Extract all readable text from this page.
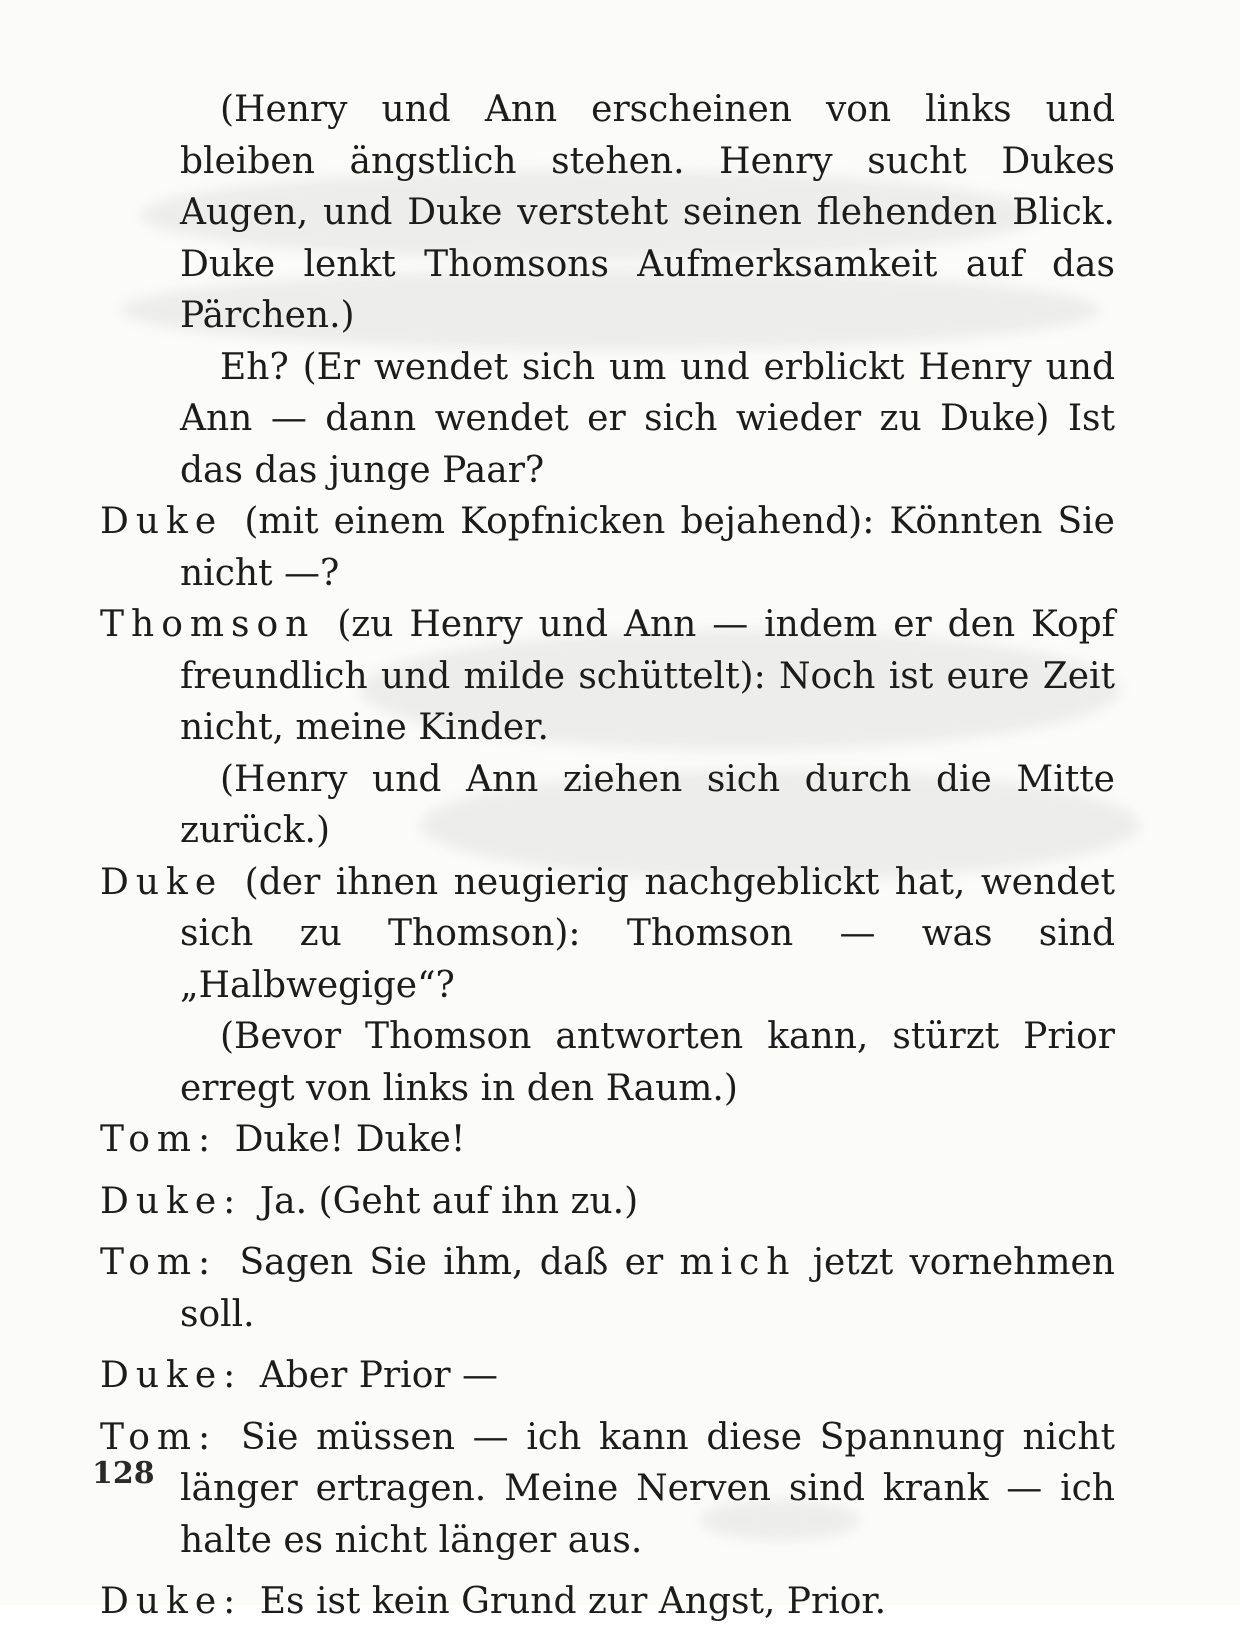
(Henry und Ann erscheinen von links und bleiben ängstlich stehen. Henry sucht Dukes Augen, und Duke versteht seinen flehenden Blick. Duke lenkt Thomsons Aufmerksamkeit auf das Pärchen.)

Eh? (Er wendet sich um und erblickt Henry und Ann — dann wendet er sich wieder zu Duke) Ist das das junge Paar?

Duke (mit einem Kopfnicken bejahend): Könnten Sie nicht —?

Thomson (zu Henry und Ann — indem er den Kopf freundlich und milde schüttelt): Noch ist eure Zeit nicht, meine Kinder.

(Henry und Ann ziehen sich durch die Mitte zurück.)

Duke (der ihnen neugierig nachgeblickt hat, wendet sich zu Thomson): Thomson — was sind „Halbwegige“?

(Bevor Thomson antworten kann, stürzt Prior erregt von links in den Raum.)

Tom: Duke! Duke!

Duke: Ja. (Geht auf ihn zu.)

Tom: Sagen Sie ihm, daß er mich jetzt vornehmen soll.

Duke: Aber Prior —

Tom: Sie müssen — ich kann diese Spannung nicht länger ertragen. Meine Nerven sind krank — ich halte es nicht länger aus.

Duke: Es ist kein Grund zur Angst, Prior.

128
